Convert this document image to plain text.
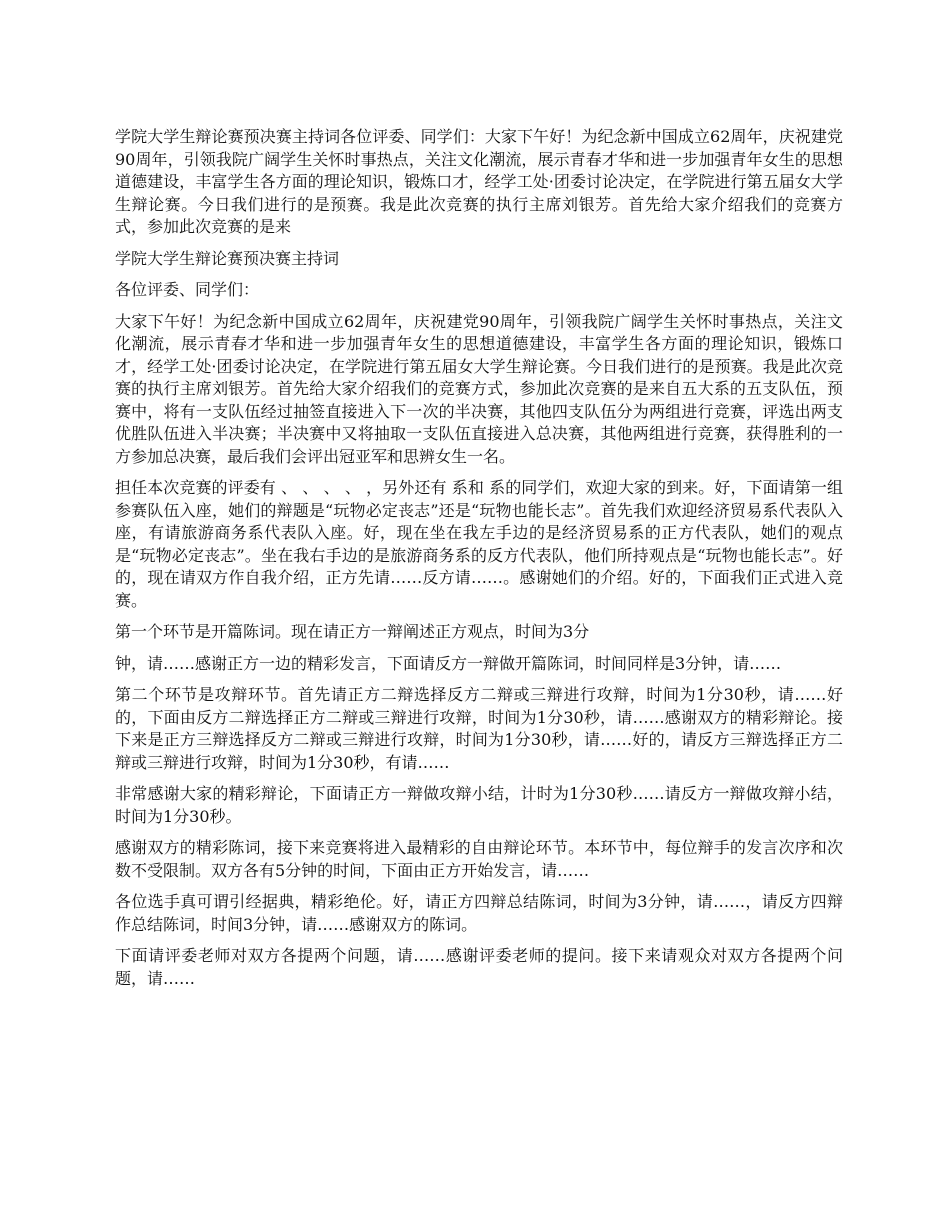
学院大学生辩论赛预决赛主持词各位评委、同学们：大家下午好！为纪念新中国成立62周年，庆祝建党90周年，引领我院广阔学生关怀时事热点，关注文化潮流，展示青春才华和进一步加强青年女生的思想道德建设，丰富学生各方面的理论知识，锻炼口才，经学工处·团委讨论决定，在学院进行第五届女大学生辩论赛。今日我们进行的是预赛。我是此次竞赛的执行主席刘银芳。首先给大家介绍我们的竞赛方式，参加此次竞赛的是来

学院大学生辩论赛预决赛主持词

各位评委、同学们：

大家下午好！为纪念新中国成立62周年，庆祝建党90周年，引领我院广阔学生关怀时事热点，关注文化潮流，展示青春才华和进一步加强青年女生的思想道德建设，丰富学生各方面的理论知识，锻炼口才，经学工处·团委讨论决定，在学院进行第五届女大学生辩论赛。今日我们进行的是预赛。我是此次竞赛的执行主席刘银芳。首先给大家介绍我们的竞赛方式，参加此次竞赛的是来自五大系的五支队伍，预赛中，将有一支队伍经过抽签直接进入下一次的半决赛，其他四支队伍分为两组进行竞赛，评选出两支优胜队伍进入半决赛；半决赛中又将抽取一支队伍直接进入总决赛，其他两组进行竞赛，获得胜利的一方参加总决赛，最后我们会评出冠亚军和思辨女生一名。

担任本次竞赛的评委有 、 、 、 、 ，另外还有 系和 系的同学们，欢迎大家的到来。好，下面请第一组参赛队伍入座，她们的辩题是“玩物必定丧志”还是“玩物也能长志”。首先我们欢迎经济贸易系代表队入座，有请旅游商务系代表队入座。好，现在坐在我左手边的是经济贸易系的正方代表队，她们的观点是“玩物必定丧志”。坐在我右手边的是旅游商务系的反方代表队，他们所持观点是“玩物也能长志”。好的，现在请双方作自我介绍，正方先请……反方请……。感谢她们的介绍。好的，下面我们正式进入竞赛。

第一个环节是开篇陈词。现在请正方一辩阐述正方观点，时间为3分

钟，请……感谢正方一边的精彩发言，下面请反方一辩做开篇陈词，时间同样是3分钟，请……

第二个环节是攻辩环节。首先请正方二辩选择反方二辩或三辩进行攻辩，时间为1分30秒，请……好的，下面由反方二辩选择正方二辩或三辩进行攻辩，时间为1分30秒，请……感谢双方的精彩辩论。接下来是正方三辩选择反方二辩或三辩进行攻辩，时间为1分30秒，请……好的，请反方三辩选择正方二辩或三辩进行攻辩，时间为1分30秒，有请……

非常感谢大家的精彩辩论，下面请正方一辩做攻辩小结，计时为1分30秒……请反方一辩做攻辩小结，时间为1分30秒。

感谢双方的精彩陈词，接下来竞赛将进入最精彩的自由辩论环节。本环节中，每位辩手的发言次序和次数不受限制。双方各有5分钟的时间，下面由正方开始发言，请……

各位选手真可谓引经据典，精彩绝伦。好，请正方四辩总结陈词，时间为3分钟，请……，请反方四辩作总结陈词，时间3分钟，请……感谢双方的陈词。

下面请评委老师对双方各提两个问题，请……感谢评委老师的提问。接下来请观众对双方各提两个问题，请……
